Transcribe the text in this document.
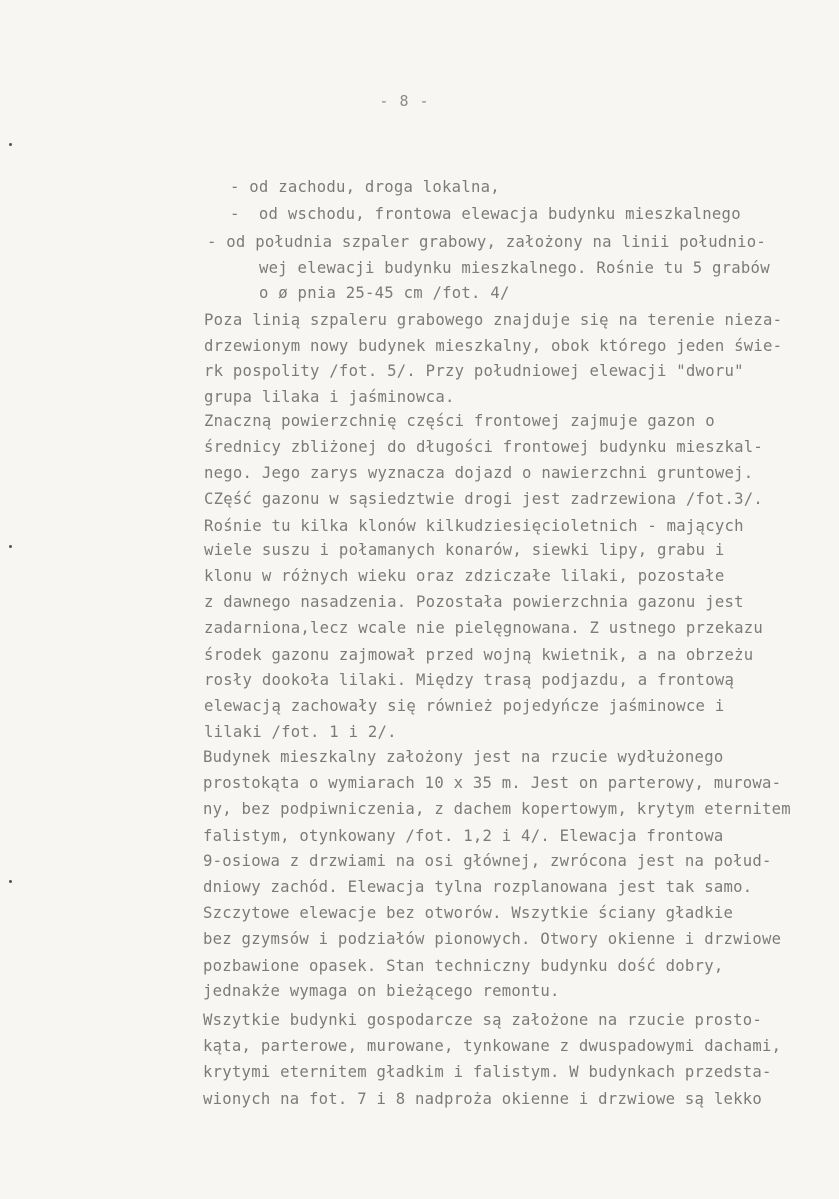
- 8 -
- od zachodu, droga lokalna,
-  od wschodu, frontowa elewacja budynku mieszkalnego
- od południa szpaler grabowy, założony na linii południo-
wej elewacji budynku mieszkalnego. Rośnie tu 5 grabów
o ø pnia 25-45 cm /fot. 4/
Poza linią szpaleru grabowego znajduje się na terenie nieza-
drzewionym nowy budynek mieszkalny, obok którego jeden świe-
rk pospolity /fot. 5/. Przy południowej elewacji "dworu"
grupa lilaka i jaśminowca.
Znaczną powierzchnię części frontowej zajmuje gazon o
średnicy zbliżonej do długości frontowej budynku mieszkal-
nego. Jego zarys wyznacza dojazd o nawierzchni gruntowej.
CZęść gazonu w sąsiedztwie drogi jest zadrzewiona /fot.3/.
Rośnie tu kilka klonów kilkudziesięcioletnich - mających
wiele suszu i połamanych konarów, siewki lipy, grabu i
klonu w różnych wieku oraz zdziczałe lilaki, pozostałe
z dawnego nasadzenia. Pozostała powierzchnia gazonu jest
zadarniona,lecz wcale nie pielęgnowana. Z ustnego przekazu
środek gazonu zajmował przed wojną kwietnik, a na obrzeżu
rosły dookoła lilaki. Między trasą podjazdu, a frontową
elewacją zachowały się również pojedyńcze jaśminowce i
lilaki /fot. 1 i 2/.
Budynek mieszkalny założony jest na rzucie wydłużonego
prostokąta o wymiarach 10 x 35 m. Jest on parterowy, murowa-
ny, bez podpiwniczenia, z dachem kopertowym, krytym eternitem
falistym, otynkowany /fot. 1,2 i 4/. Elewacja frontowa
9-osiowa z drzwiami na osi głównej, zwrócona jest na połud-
dniowy zachód. Elewacja tylna rozplanowana jest tak samo.
Szczytowe elewacje bez otworów. Wszytkie ściany gładkie
bez gzymsów i podziałów pionowych. Otwory okienne i drzwiowe
pozbawione opasek. Stan techniczny budynku dość dobry,
jednakże wymaga on bieżącego remontu.
Wszytkie budynki gospodarcze są założone na rzucie prosto-
kąta, parterowe, murowane, tynkowane z dwuspadowymi dachami,
krytymi eternitem gładkim i falistym. W budynkach przedsta-
wionych na fot. 7 i 8 nadproża okienne i drzwiowe są lekko
